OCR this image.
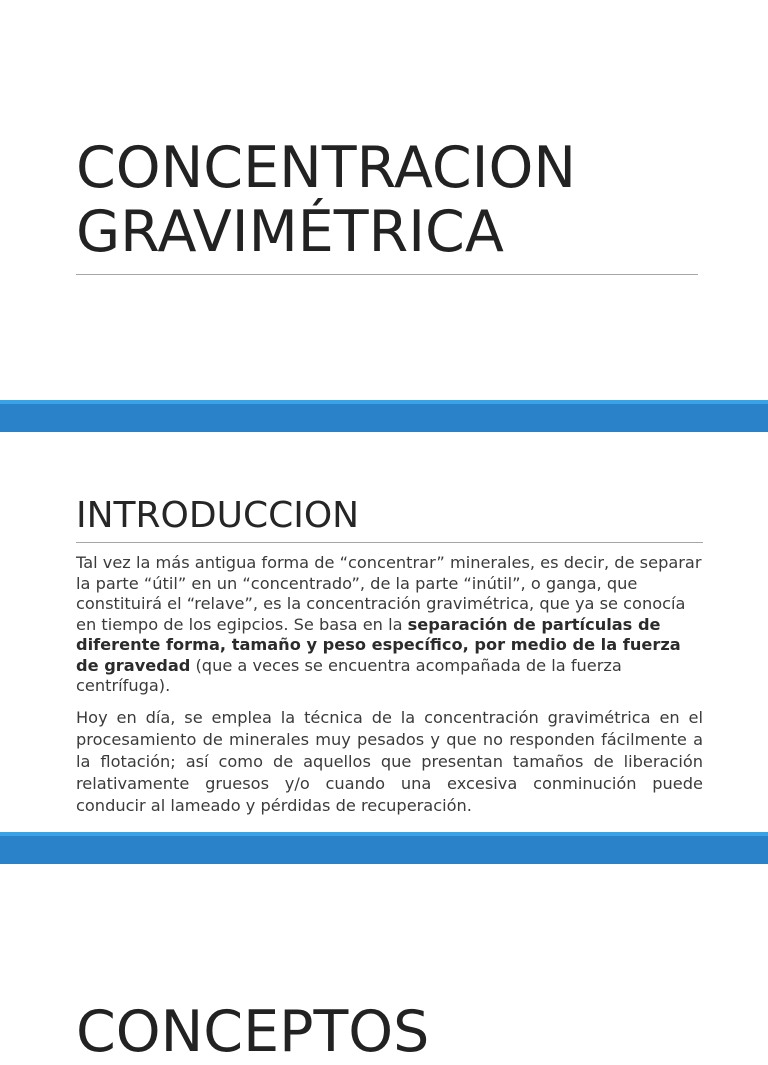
CONCENTRACION
GRAVIMÉTRICA
INTRODUCCION

Tal vez la más antigua forma de “concentrar” minerales, es decir, de separar la parte “útil” en un “concentrado”, de la parte “inútil”, o ganga, que constituirá el “relave”, es la concentración gravimétrica, que ya se conocía en tiempo de los egipcios. Se basa en la separación de partículas de diferente forma, tamaño y peso específico, por medio de la fuerza de gravedad (que a veces se encuentra acompañada de la fuerza centrífuga).

Hoy en día, se emplea la técnica de la concentración gravimétrica en el procesamiento de minerales muy pesados y que no responden fácilmente a la flotación; así como de aquellos que presentan tamaños de liberación relativamente gruesos y/o cuando una excesiva conminución puede conducir al lameado y pérdidas de recuperación.

CONCEPTOS
